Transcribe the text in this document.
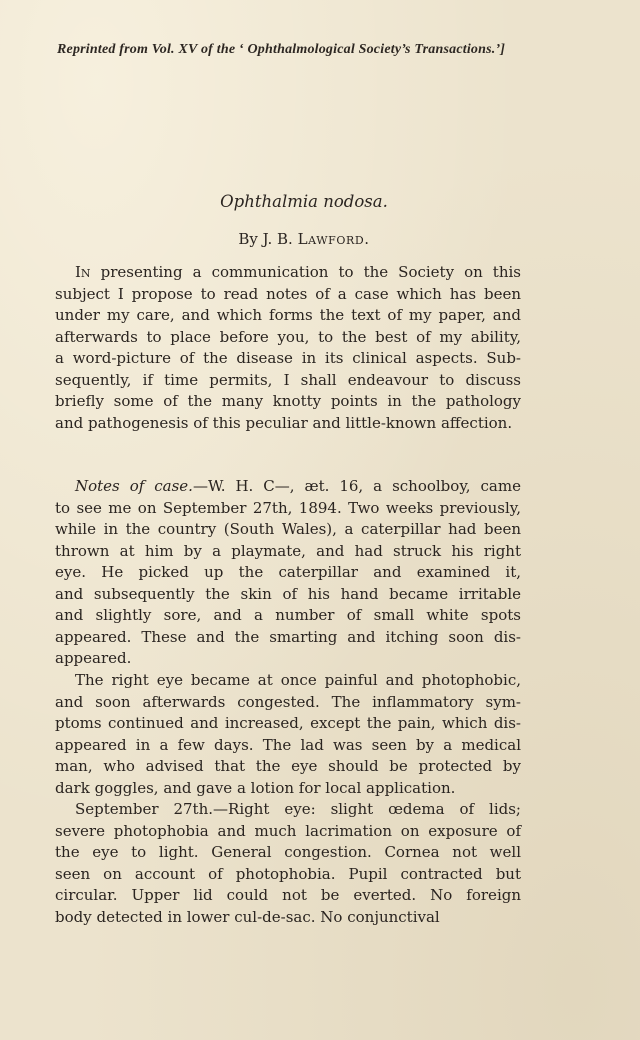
Reprinted from Vol. XV of the ‘ Ophthalmological Society’s Transactions.’]
Ophthalmia nodosa.
By J. B. Lawford.
In presenting a communication to the Society on this
subject I propose to read notes of a case which has been
under my care, and which forms the text of my paper, and
afterwards to place before you, to the best of my ability,
a word-picture of the disease in its clinical aspects. Sub-
sequently, if time permits, I shall endeavour to discuss
briefly some of the many knotty points in the pathology
and pathogenesis of this peculiar and little-known affection.
Notes of case.—W. H. C—, æt. 16, a schoolboy, came
to see me on September 27th, 1894. Two weeks previously,
while in the country (South Wales), a caterpillar had been
thrown at him by a playmate, and had struck his right
eye. He picked up the caterpillar and examined it,
and subsequently the skin of his hand became irritable
and slightly sore, and a number of small white spots
appeared. These and the smarting and itching soon dis-
appeared.
The right eye became at once painful and photophobic,
and soon afterwards congested. The inflammatory sym-
ptoms continued and increased, except the pain, which dis-
appeared in a few days. The lad was seen by a medical
man, who advised that the eye should be protected by
dark goggles, and gave a lotion for local application.
September 27th.—Right eye: slight œdema of lids;
severe photophobia and much lacrimation on exposure of
the eye to light. General congestion. Cornea not well
seen on account of photophobia. Pupil contracted but
circular. Upper lid could not be everted. No foreign
body detected in lower cul-de-sac. No conjunctival
